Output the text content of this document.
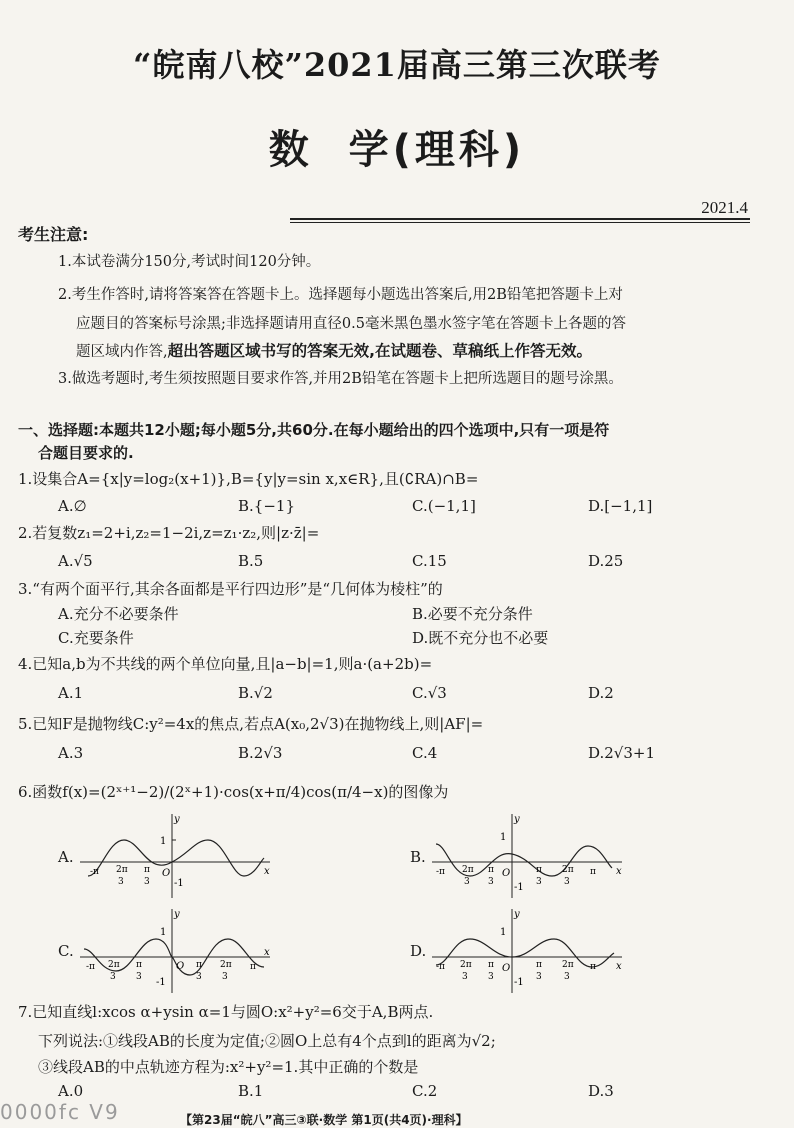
“皖南八校”2021届高三第三次联考
数  学(理科)
2021.4
考生注意:
1.本试卷满分150分,考试时间120分钟。
2.考生作答时,请将答案答在答题卡上。选择题每小题选出答案后,用2B铅笔把答题卡上对
应题目的答案标号涂黑;非选择题请用直径0.5毫米黑色墨水签字笔在答题卡上各题的答
题区域内作答,超出答题区域书写的答案无效,在试题卷、草稿纸上作答无效。
3.做选考题时,考生须按照题目要求作答,并用2B铅笔在答题卡上把所选题目的题号涂黑。
一、选择题:本题共12小题;每小题5分,共60分.在每小题给出的四个选项中,只有一项是符
合题目要求的.
1.设集合A={x|y=log₂(x+1)},B={y|y=sin x,x∈R},且(∁RA)∩B=
A.∅	B.{−1}	C.(−1,1]	D.[−1,1]
2.若复数z₁=2+i,z₂=1−2i,z=z₁·z₂,则|z·z̄|=
A.√5	B.5	C.15	D.25
3.“有两个面平行,其余各面都是平行四边形”是“几何体为棱柱”的
A.充分不必要条件	B.必要不充分条件
C.充要条件	D.既不充分也不必要
4.已知a,b为不共线的两个单位向量,且|a−b|=1,则a·(a+2b)=
A.1	B.√2	C.√3	D.2
5.已知F是抛物线C:y²=4x的焦点,若点A(x₀,2√3)在抛物线上,则|AF|=
A.3	B.2√3	C.4	D.2√3+1
6.函数f(x)=(2ˣ⁺¹−2)/(2ˣ+1)·cos(x+π/4)cos(π/4−x)的图像为
A.	B.
C.	D.
1
y
x
O
-1
-π 2π
3
π
3
1
y
x
O
-1
-π 2π
3
π
3
π
3
2π
3
π
1
y
x
O
-1
-π 2π
3
π
3
π
3
2π
3
π
1
y
x
O
-1
-π 2π
3
π
3
π
3
2π
3
π
7.已知直线l:xcos α+ysin α=1与圆O:x²+y²=6交于A,B两点.
下列说法:①线段AB的长度为定值;②圆O上总有4个点到l的距离为√2;
③线段AB的中点轨迹方程为:x²+y²=1.其中正确的个数是
A.0	B.1	C.2	D.3
【第23届“皖八”高三③联·数学 第1页(共4页)·理科】
0000fc V9
